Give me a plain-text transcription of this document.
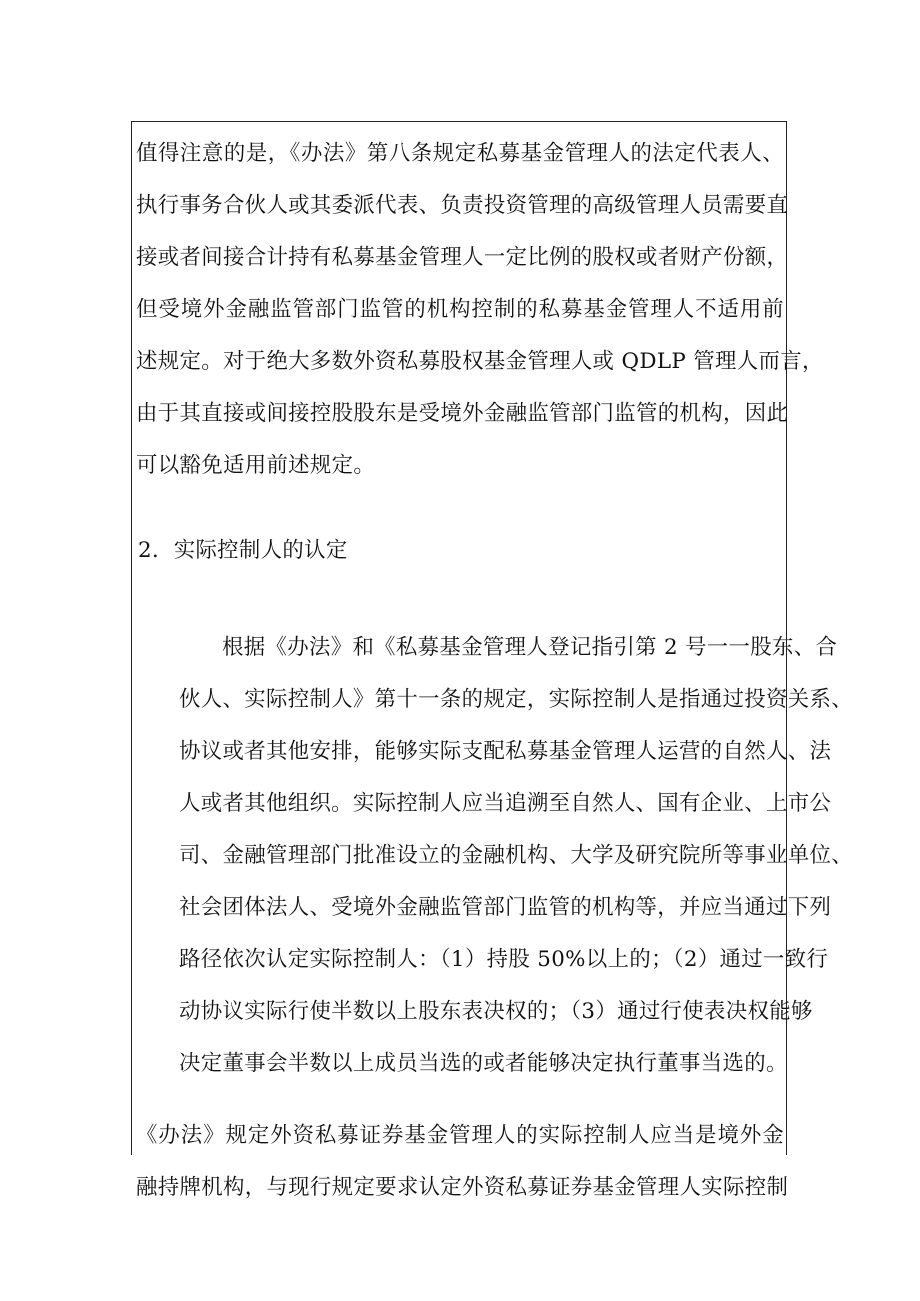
值得注意的是，《办法》第八条规定私募基金管理人的法定代表人、
执行事务合伙人或其委派代表、负责投资管理的高级管理人员需要直
接或者间接合计持有私募基金管理人一定比例的股权或者财产份额，
但受境外金融监管部门监管的机构控制的私募基金管理人不适用前
述规定。对于绝大多数外资私募股权基金管理人或 QDLP 管理人而言，
由于其直接或间接控股股东是受境外金融监管部门监管的机构，因此
可以豁免适用前述规定。
2．实际控制人的认定
根据《办法》和《私募基金管理人登记指引第 2 号一一股东、合
伙人、实际控制人》第十一条的规定，实际控制人是指通过投资关系、
协议或者其他安排，能够实际支配私募基金管理人运营的自然人、法
人或者其他组织。实际控制人应当追溯至自然人、国有企业、上市公
司、金融管理部门批准设立的金融机构、大学及研究院所等事业单位、
社会团体法人、受境外金融监管部门监管的机构等，并应当通过下列
路径依次认定实际控制人：（1）持股 50%以上的；（2）通过一致行
动协议实际行使半数以上股东表决权的；（3）通过行使表决权能够
决定董事会半数以上成员当选的或者能够决定执行董事当选的。
《办法》规定外资私募证券基金管理人的实际控制人应当是境外金
融持牌机构，与现行规定要求认定外资私募证券基金管理人实际控制
